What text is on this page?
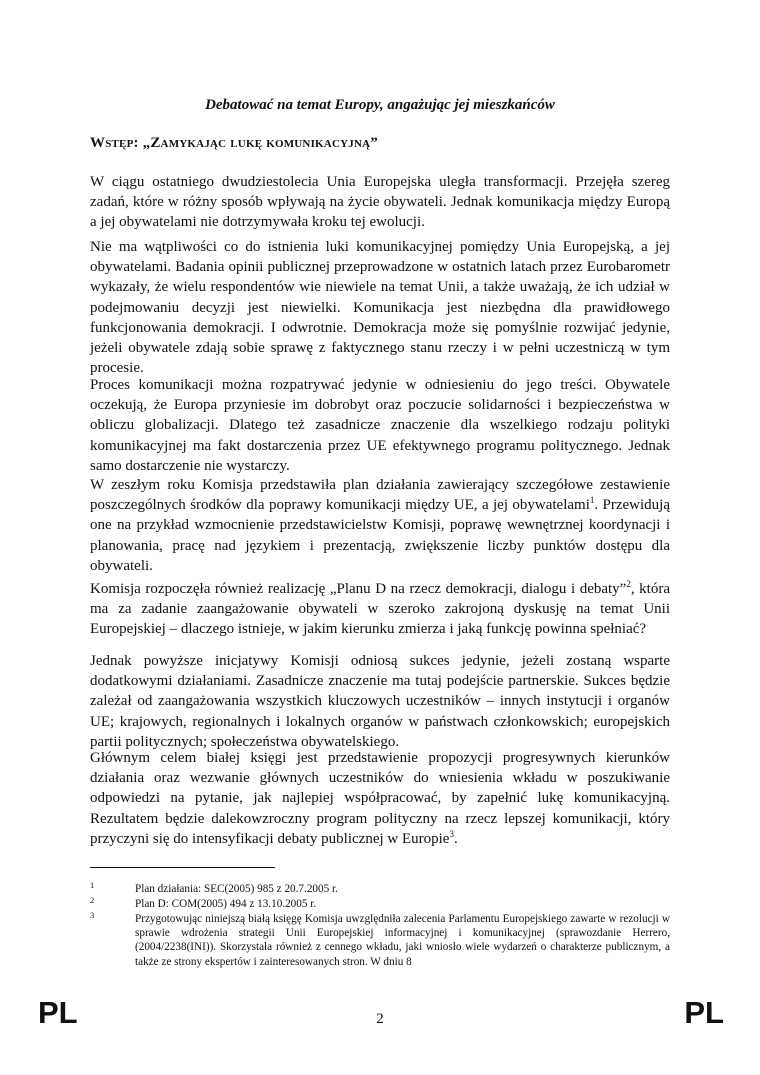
Debatować na temat Europy, angażując jej mieszkańców
Wstęp: „Zamykając lukę komunikacyjną”

W ciągu ostatniego dwudziestolecia Unia Europejska uległa transformacji. Przejęła szereg zadań, które w różny sposób wpływają na życie obywateli. Jednak komunikacja między Europą a jej obywatelami nie dotrzymywała kroku tej ewolucji.

Nie ma wątpliwości co do istnienia luki komunikacyjnej pomiędzy Unia Europejską, a jej obywatelami. Badania opinii publicznej przeprowadzone w ostatnich latach przez Eurobarometr wykazały, że wielu respondentów wie niewiele na temat Unii, a także uważają, że ich udział w podejmowaniu decyzji jest niewielki. Komunikacja jest niezbędna dla prawidłowego funkcjonowania demokracji. I odwrotnie. Demokracja może się pomyślnie rozwijać jedynie, jeżeli obywatele zdają sobie sprawę z faktycznego stanu rzeczy i w pełni uczestniczą w tym procesie.

Proces komunikacji można rozpatrywać jedynie w odniesieniu do jego treści. Obywatele oczekują, że Europa przyniesie im dobrobyt oraz poczucie solidarności i bezpieczeństwa w obliczu globalizacji. Dlatego też zasadnicze znaczenie dla wszelkiego rodzaju polityki komunikacyjnej ma fakt dostarczenia przez UE efektywnego programu politycznego. Jednak samo dostarczenie nie wystarczy.

W zeszłym roku Komisja przedstawiła plan działania zawierający szczegółowe zestawienie poszczególnych środków dla poprawy komunikacji między UE, a jej obywatelami$^1$. Przewidują one na przykład wzmocnienie przedstawicielstw Komisji, poprawę wewnętrznej koordynacji i planowania, pracę nad językiem i prezentacją, zwiększenie liczby punktów dostępu dla obywateli.

Komisja rozpoczęła również realizację „Planu D na rzecz demokracji, dialogu i debaty”$^2$, która ma za zadanie zaangażowanie obywateli w szeroko zakrojoną dyskusję na temat Unii Europejskiej – dlaczego istnieje, w jakim kierunku zmierza i jaką funkcję powinna spełniać?

Jednak powyższe inicjatywy Komisji odniosą sukces jedynie, jeżeli zostaną wsparte dodatkowymi działaniami. Zasadnicze znaczenie ma tutaj podejście partnerskie. Sukces będzie zależał od zaangażowania wszystkich kluczowych uczestników – innych instytucji i organów UE; krajowych, regionalnych i lokalnych organów w państwach członkowskich; europejskich partii politycznych; społeczeństwa obywatelskiego.

Głównym celem białej księgi jest przedstawienie propozycji progresywnych kierunków działania oraz wezwanie głównych uczestników do wniesienia wkładu w poszukiwanie odpowiedzi na pytanie, jak najlepiej współpracować, by zapełnić lukę komunikacyjną. Rezultatem będzie dalekowzroczny program polityczny na rzecz lepszej komunikacji, który przyczyni się do intensyfikacji debaty publicznej w Europie$^3$.

1	Plan działania: SEC(2005) 985 z 20.7.2005 r.
2	Plan D: COM(2005) 494 z 13.10.2005 r.
3	Przygotowując niniejszą białą księgę Komisja uwzględniła zalecenia Parlamentu Europejskiego zawarte w rezolucji w sprawie wdrożenia strategii Unii Europejskiej informacyjnej i komunikacyjnej (sprawozdanie Herrero, (2004/2238(INI)). Skorzystała również z cennego wkładu, jaki wniosło wiele wydarzeń o charakterze publicznym, a także ze strony ekspertów i zainteresowanych stron. W dniu 8
PL	2	PL
